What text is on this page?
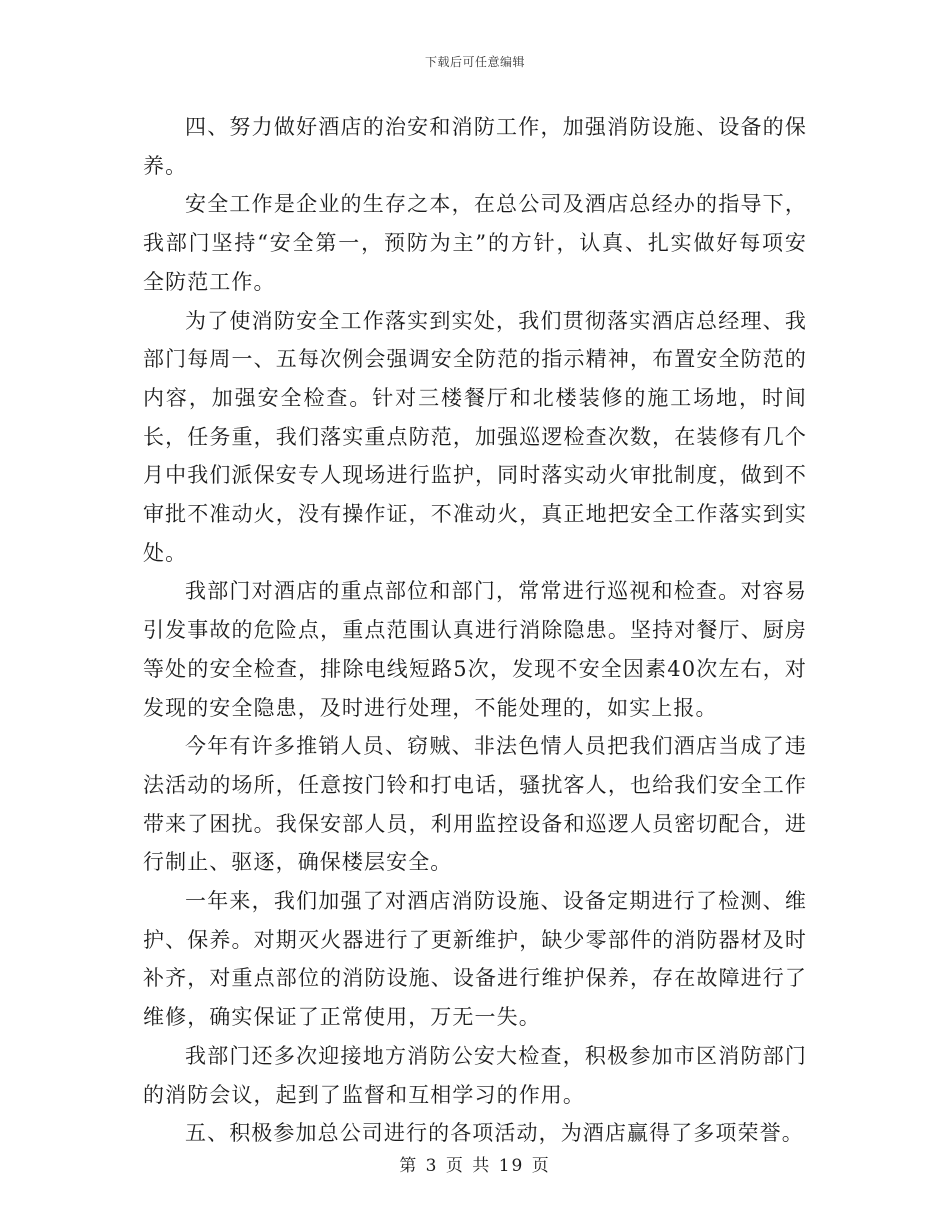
下载后可任意编辑

四、努力做好酒店的治安和消防工作，加强消防设施、设备的保养。

安全工作是企业的生存之本，在总公司及酒店总经办的指导下，我部门坚持“安全第一，预防为主”的方针，认真、扎实做好每项安全防范工作。

为了使消防安全工作落实到实处，我们贯彻落实酒店总经理、我部门每周一、五每次例会强调安全防范的指示精神，布置安全防范的内容，加强安全检查。针对三楼餐厅和北楼装修的施工场地，时间长，任务重，我们落实重点防范，加强巡逻检查次数，在装修有几个月中我们派保安专人现场进行监护，同时落实动火审批制度，做到不审批不准动火，没有操作证，不准动火，真正地把安全工作落实到实处。

我部门对酒店的重点部位和部门，常常进行巡视和检查。对容易引发事故的危险点，重点范围认真进行消除隐患。坚持对餐厅、厨房等处的安全检查，排除电线短路5次，发现不安全因素40次左右，对发现的安全隐患，及时进行处理，不能处理的，如实上报。

今年有许多推销人员、窃贼、非法色情人员把我们酒店当成了违法活动的场所，任意按门铃和打电话，骚扰客人，也给我们安全工作带来了困扰。我保安部人员，利用监控设备和巡逻人员密切配合，进行制止、驱逐，确保楼层安全。

一年来，我们加强了对酒店消防设施、设备定期进行了检测、维护、保养。对期灭火器进行了更新维护，缺少零部件的消防器材及时补齐，对重点部位的消防设施、设备进行维护保养，存在故障进行了维修，确实保证了正常使用，万无一失。

我部门还多次迎接地方消防公安大检查，积极参加市区消防部门的消防会议，起到了监督和互相学习的作用。

五、积极参加总公司进行的各项活动，为酒店赢得了多项荣誉。

第 3 页 共 19 页
